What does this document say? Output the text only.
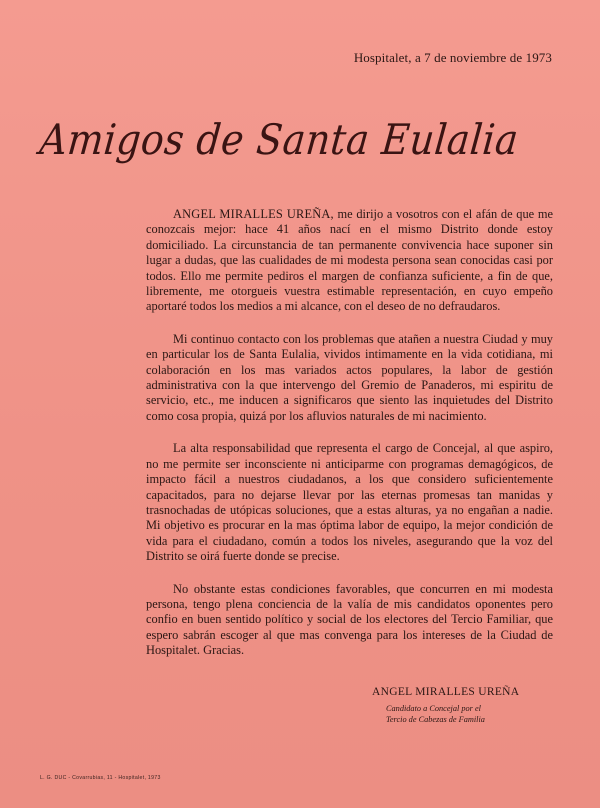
Hospitalet, a 7 de noviembre de 1973
Amigos de Santa Eulalia

ANGEL MIRALLES UREÑA, me dirijo a vosotros con el afán de que me conozcais mejor: hace 41 años nací en el mismo Distrito donde estoy domiciliado. La circunstancia de tan permanente convivencia hace suponer sin lugar a dudas, que las cualidades de mi modesta persona sean conocidas casi por todos. Ello me permite pediros el margen de confianza suficiente, a fin de que, libremente, me otorgueis vuestra estimable representación, en cuyo empeño aportaré todos los medios a mi alcance, con el deseo de no defraudaros.

Mi continuo contacto con los problemas que atañen a nuestra Ciudad y muy en particular los de Santa Eulalia, vividos intimamente en la vida cotidiana, mi colaboración en los mas variados actos populares, la labor de gestión administrativa con la que intervengo del Gremio de Panaderos, mi espiritu de servicio, etc., me inducen a significaros que siento las inquietudes del Distrito como cosa propia, quizá por los afluvios naturales de mi nacimiento.

La alta responsabilidad que representa el cargo de Concejal, al que aspiro, no me permite ser inconsciente ni anticiparme con programas demagógicos, de impacto fácil a nuestros ciudadanos, a los que considero suficientemente capacitados, para no dejarse llevar por las eternas promesas tan manidas y trasnochadas de utópicas soluciones, que a estas alturas, ya no engañan a nadie. Mi objetivo es procurar en la mas óptima labor de equipo, la mejor condición de vida para el ciudadano, común a todos los niveles, asegurando que la voz del Distrito se oirá fuerte donde se precise.

No obstante estas condiciones favorables, que concurren en mi modesta persona, tengo plena conciencia de la valía de mis candidatos oponentes pero confio en buen sentido político y social de los electores del Tercio Familiar, que espero sabrán escoger al que mas convenga para los intereses de la Ciudad de Hospitalet. Gracias.

ANGEL MIRALLES UREÑA

Candidato a Concejal por el

Tercio de Cabezas de Familia

L. G. DUC - Covarrubias, 11 - Hospitalet, 1973
